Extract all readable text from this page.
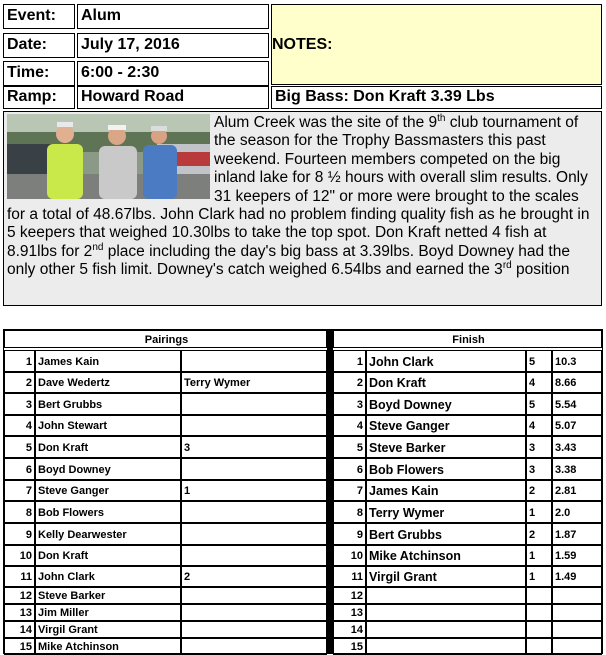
Event:	Alum
Date:	July 17, 2016
Time:	6:00 - 2:30
Ramp:	Howard Road
NOTES:
Big Bass: Don Kraft 3.39 Lbs
Alum Creek was the site of the 9th club tournament of the season for the Trophy Bassmasters this past weekend. Fourteen members competed on the big inland lake for 8 ½ hours with overall slim results. Only 31 keepers of 12" or more were brought to the scales for a total of 48.67lbs. John Clark had no problem finding quality fish as he brought in 5 keepers that weighed 10.30lbs to take the top spot. Don Kraft netted 4 fish at 8.91lbs for 2nd place including the day's big bass at 3.39lbs. Boyd Downey had the only other 5 fish limit. Downey's catch weighed 6.54lbs and earned the 3rd position
Pairings
1 James Kain
2 Dave Wedertz	Terry Wymer
3 Bert Grubbs
4 John Stewart
5 Don Kraft	3
6 Boyd Downey
7 Steve Ganger	1
8 Bob Flowers
9 Kelly Dearwester
10 Don Kraft
11 John Clark	2
12 Steve Barker
13 Jim Miller
14 Virgil Grant
15 Mike Atchinson
Finish
1 John Clark	5	10.3
2 Don Kraft	4	8.66
3 Boyd Downey	5	5.54
4 Steve Ganger	4	5.07
5 Steve Barker	3	3.43
6 Bob Flowers	3	3.38
7 James Kain	2	2.81
8 Terry Wymer	1	2.0
9 Bert Grubbs	2	1.87
10 Mike Atchinson	1	1.59
11 Virgil Grant	1	1.49
12
13
14
15
